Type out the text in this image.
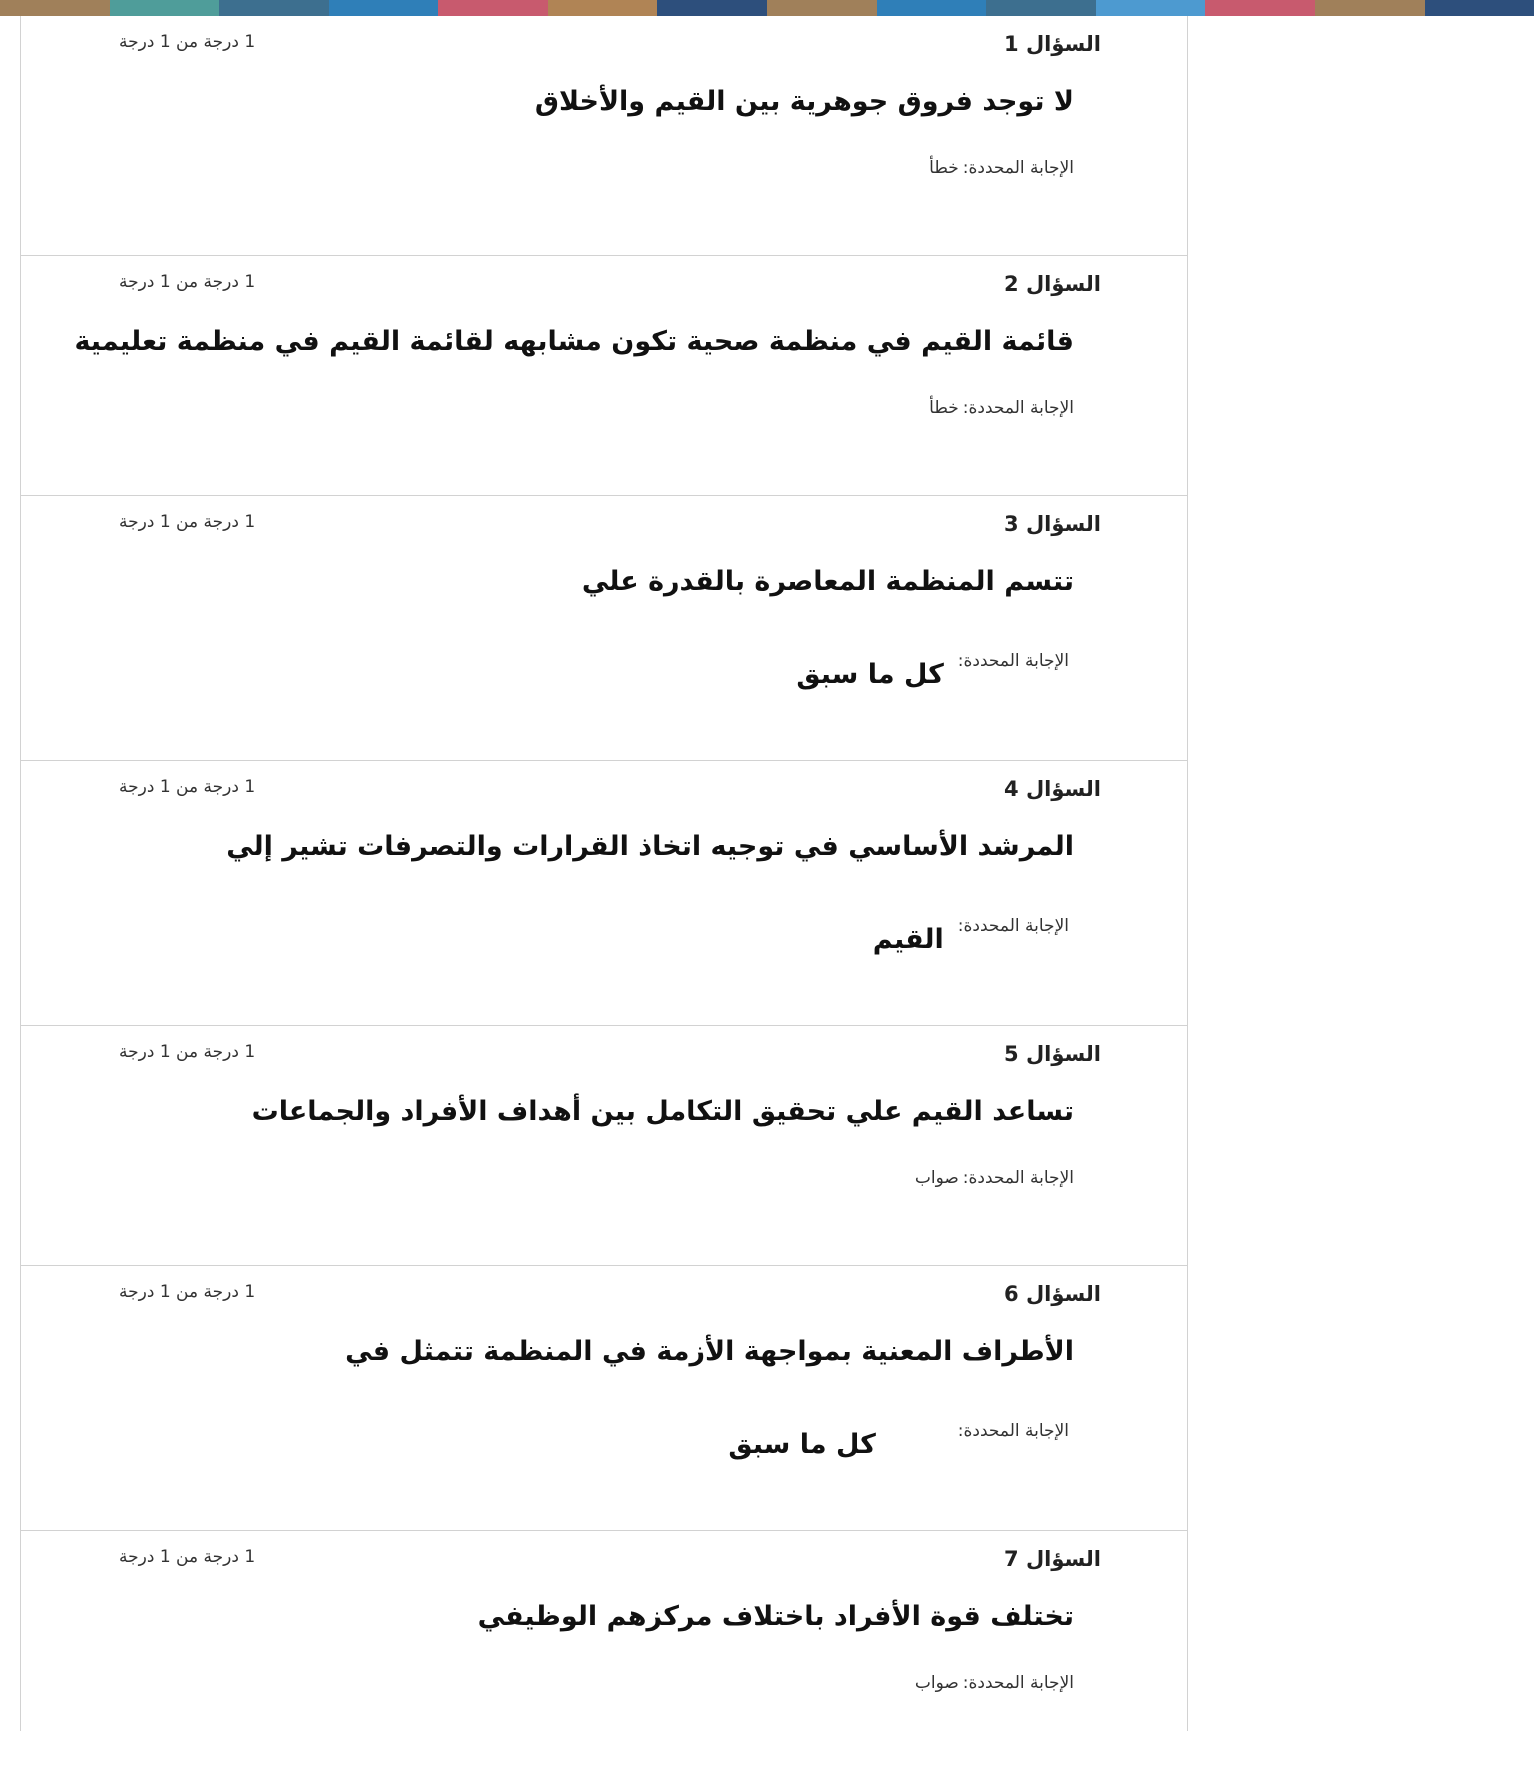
السؤال 1
1 درجة من 1 درجة
لا توجد فروق جوهرية بين القيم والأخلاق
الإجابة المحددة:
خطأ
السؤال 2
1 درجة من 1 درجة
قائمة القيم في منظمة صحية تكون مشابهه لقائمة القيم في منظمة تعليمية
الإجابة المحددة:
خطأ
السؤال 3
1 درجة من 1 درجة
تتسم المنظمة المعاصرة بالقدرة علي
الإجابة المحددة:
كل ما سبق
السؤال 4
1 درجة من 1 درجة
المرشد الأساسي في توجيه اتخاذ القرارات والتصرفات تشير إلي
الإجابة المحددة:
القيم
السؤال 5
1 درجة من 1 درجة
تساعد القيم علي تحقيق التكامل بين أهداف الأفراد والجماعات
الإجابة المحددة:
صواب
السؤال 6
1 درجة من 1 درجة
الأطراف المعنية بمواجهة الأزمة في المنظمة تتمثل في
الإجابة المحددة:
كل ما سبق
السؤال 7
1 درجة من 1 درجة
تختلف قوة الأفراد باختلاف مركزهم الوظيفي
الإجابة المحددة:
صواب
